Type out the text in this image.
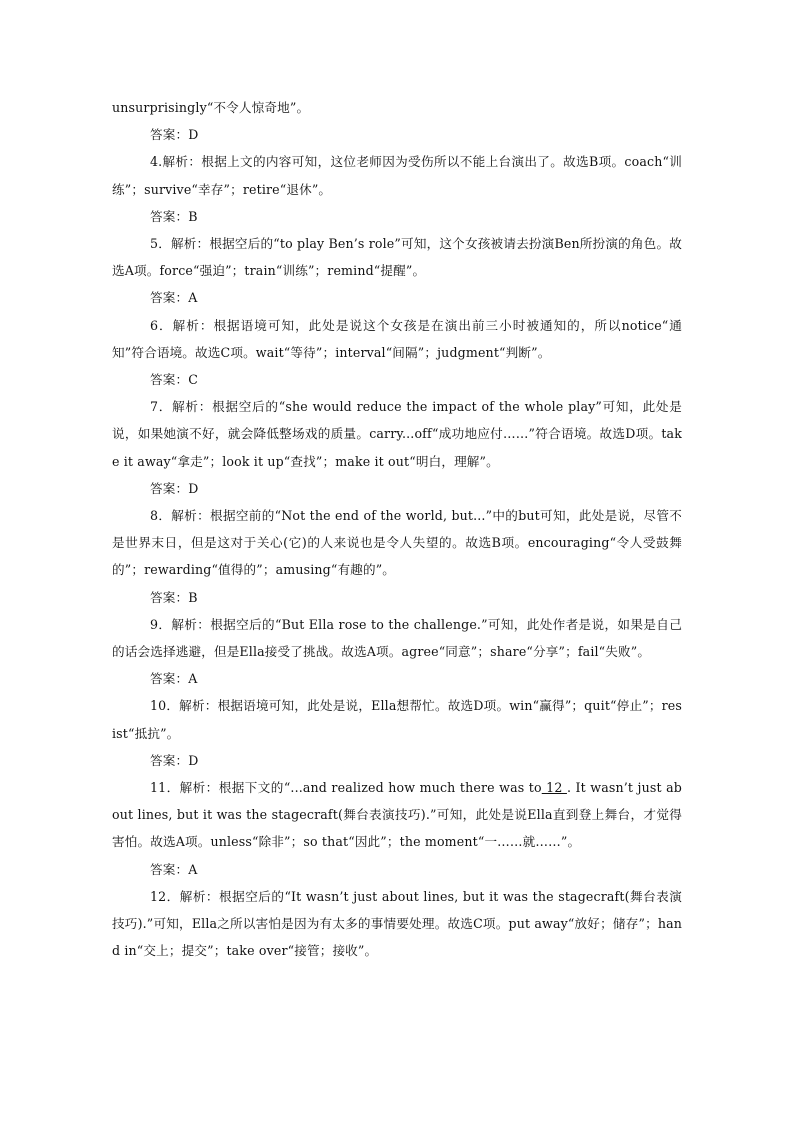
unsurprisingly“不令人惊奇地”。

答案：D

4.解析：根据上文的内容可知，这位老师因为受伤所以不能上台演出了。故选B项。coach“训练”；survive“幸存”；retire“退休”。

答案：B

5．解析：根据空后的“to play Ben’s role”可知，这个女孩被请去扮演Ben所扮演的角色。故选A项。force“强迫”；train“训练”；remind“提醒”。

答案：A

6．解析：根据语境可知，此处是说这个女孩是在演出前三小时被通知的，所以notice“通知”符合语境。故选C项。wait“等待”；interval“间隔”；judgment“判断”。

答案：C

7．解析：根据空后的“she would reduce the impact of the whole play”可知，此处是说，如果她演不好，就会降低整场戏的质量。carry...off“成功地应付……”符合语境。故选D项。take it away“拿走”；look it up“查找”；make it out“明白，理解”。

答案：D

8．解析：根据空前的“Not the end of the world, but...”中的but可知，此处是说，尽管不是世界末日，但是这对于关心(它)的人来说也是令人失望的。故选B项。encouraging“令人受鼓舞的”；rewarding“值得的”；amusing“有趣的”。

答案：B

9．解析：根据空后的“But Ella rose to the challenge.”可知，此处作者是说，如果是自己的话会选择逃避，但是Ella接受了挑战。故选A项。agree“同意”；share“分享”；fail“失败”。

答案：A

10．解析：根据语境可知，此处是说，Ella想帮忙。故选D项。win“赢得”；quit“停止”；resist“抵抗”。

答案：D

11．解析：根据下文的“...and realized how much there was to 12 . It wasn’t just about lines, but it was the stagecraft(舞台表演技巧).”可知，此处是说Ella直到登上舞台，才觉得害怕。故选A项。unless“除非”；so that“因此”；the moment“一……就……”。

答案：A

12．解析：根据空后的“It wasn’t just about lines, but it was the stagecraft(舞台表演技巧).”可知，Ella之所以害怕是因为有太多的事情要处理。故选C项。put away“放好；储存”；hand in“交上；提交”；take over“接管；接收”。
